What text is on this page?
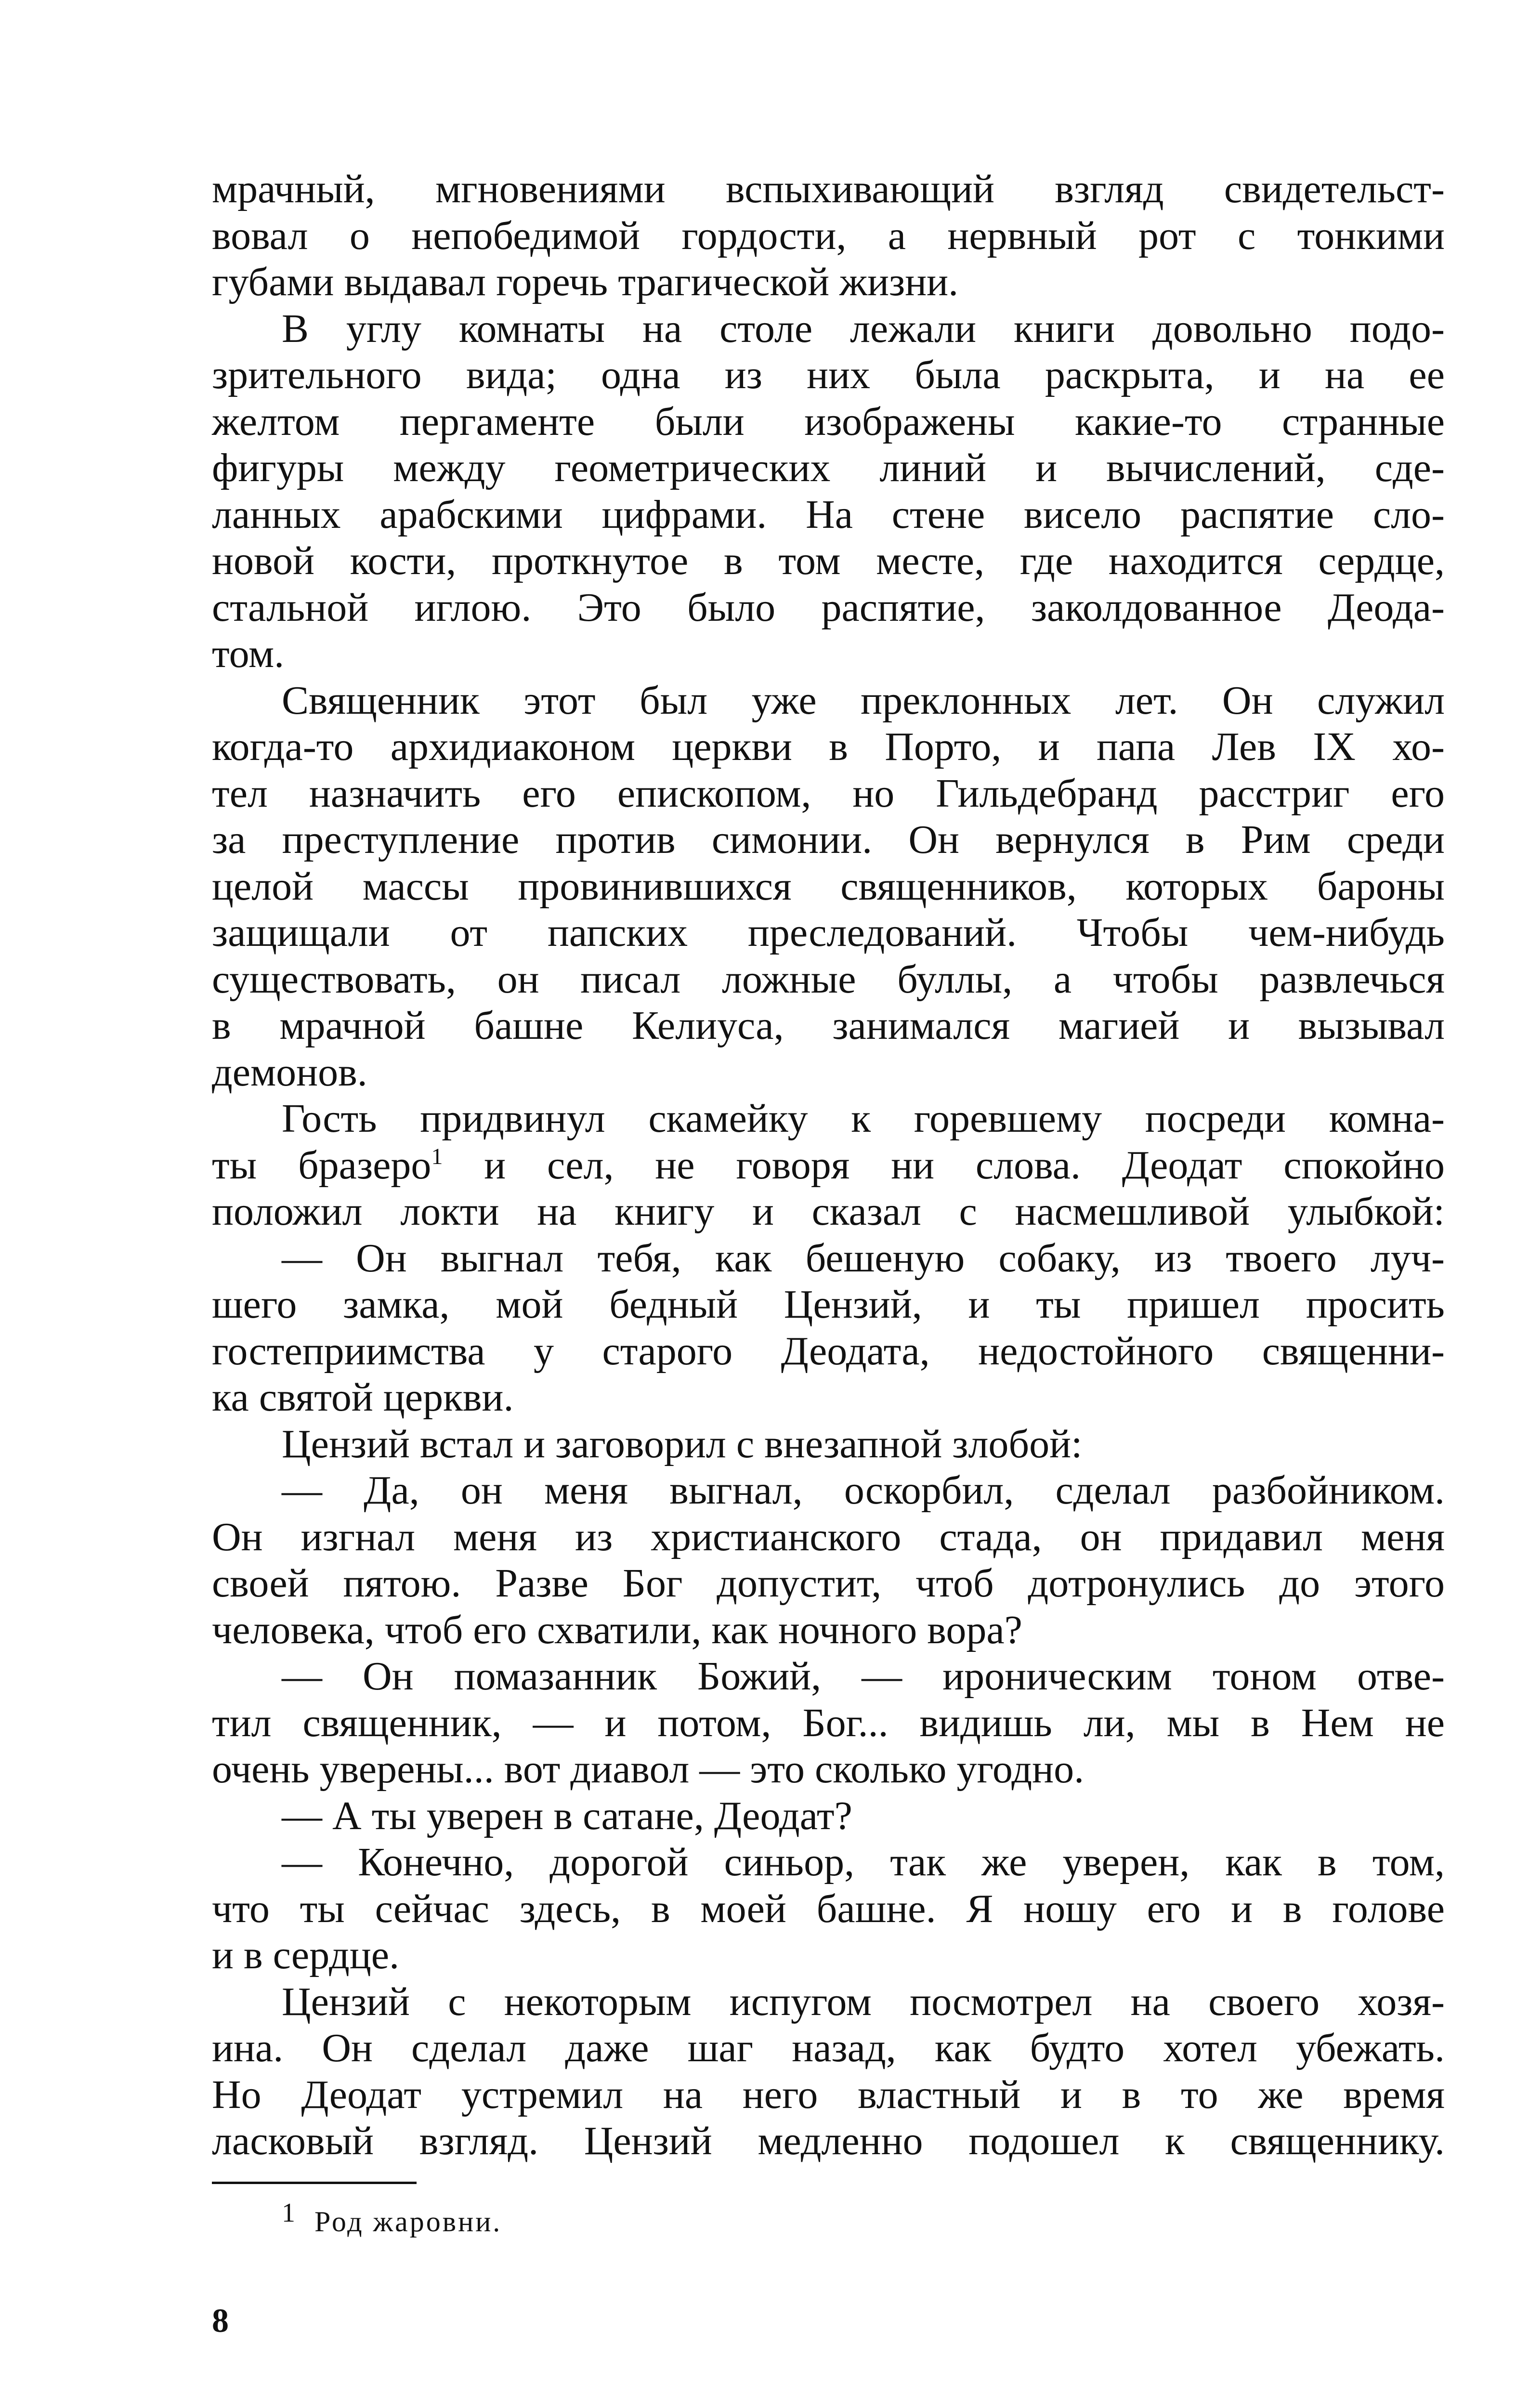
мрачный, мгновениями вспыхивающий взгляд свидетельст-
вовал о непобедимой гордости, а нервный рот с тонкими
губами выдавал горечь трагической жизни.
В углу комнаты на столе лежали книги довольно подо-
зрительного вида; одна из них была раскрыта, и на ее
желтом пергаменте были изображены какие-то странные
фигуры между геометрических линий и вычислений, сде-
ланных арабскими цифрами. На стене висело распятие сло-
новой кости, проткнутое в том месте, где находится сердце,
стальной иглою. Это было распятие, заколдованное Деода-
том.
Священник этот был уже преклонных лет. Он служил
когда-то архидиаконом церкви в Порто, и папа Лев IX хо-
тел назначить его епископом, но Гильдебранд расстриг его
за преступление против симонии. Он вернулся в Рим среди
целой массы провинившихся священников, которых бароны
защищали от папских преследований. Чтобы чем-нибудь
существовать, он писал ложные буллы, а чтобы развлечься
в мрачной башне Келиуса, занимался магией и вызывал
демонов.
Гость придвинул скамейку к горевшему посреди комна-
ты бразеро$^1$ и сел, не говоря ни слова. Деодат спокойно
положил локти на книгу и сказал с насмешливой улыбкой:
— Он выгнал тебя, как бешеную собаку, из твоего луч-
шего замка, мой бедный Цензий, и ты пришел просить
гостеприимства у старого Деодата, недостойного священни-
ка святой церкви.
Цензий встал и заговорил с внезапной злобой:
— Да, он меня выгнал, оскорбил, сделал разбойником.
Он изгнал меня из христианского стада, он придавил меня
своей пятою. Разве Бог допустит, чтоб дотронулись до этого
человека, чтоб его схватили, как ночного вора?
— Он помазанник Божий, — ироническим тоном отве-
тил священник, — и потом, Бог... видишь ли, мы в Нем не
очень уверены... вот диавол — это сколько угодно.
— А ты уверен в сатане, Деодат?
— Конечно, дорогой синьор, так же уверен, как в том,
что ты сейчас здесь, в моей башне. Я ношу его и в голове
и в сердце.
Цензий с некоторым испугом посмотрел на своего хозя-
ина. Он сделал даже шаг назад, как будто хотел убежать.
Но Деодат устремил на него властный и в то же время
ласковый взгляд. Цензий медленно подошел к священнику.
1 Род жаровни.
8
